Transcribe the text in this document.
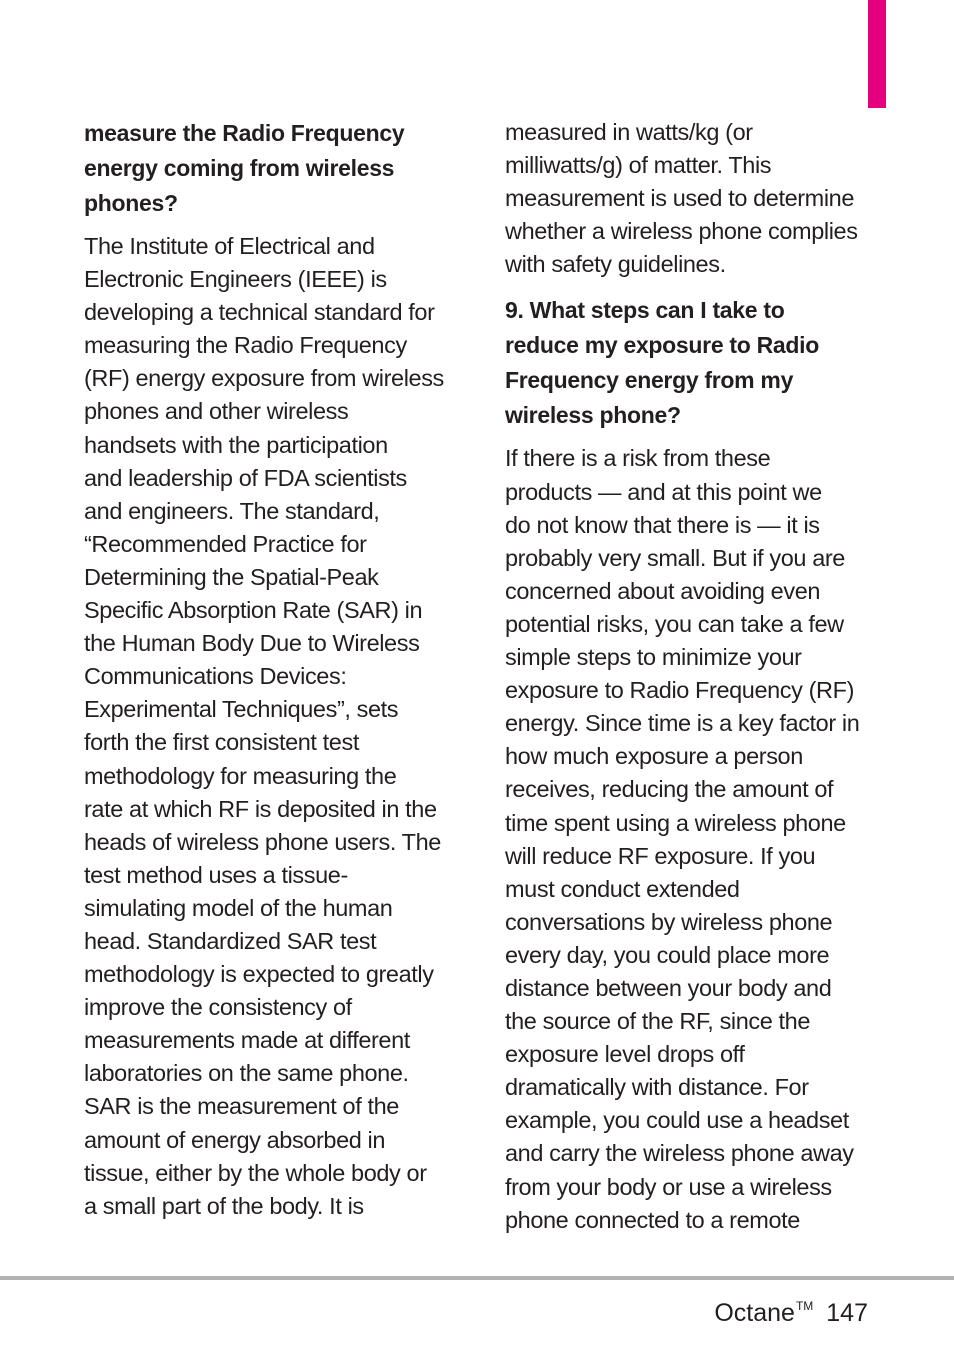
measure the Radio Frequency
energy coming from wireless
phones?

The Institute of Electrical and
Electronic Engineers (IEEE) is
developing a technical standard for
measuring the Radio Frequency
(RF) energy exposure from wireless
phones and other wireless
handsets with the participation
and leadership of FDA scientists
and engineers. The standard,
“Recommended Practice for
Determining the Spatial-Peak
Specific Absorption Rate (SAR) in
the Human Body Due to Wireless
Communications Devices:
Experimental Techniques”, sets
forth the first consistent test
methodology for measuring the
rate at which RF is deposited in the
heads of wireless phone users. The
test method uses a tissue-
simulating model of the human
head. Standardized SAR test
methodology is expected to greatly
improve the consistency of
measurements made at different
laboratories on the same phone.
SAR is the measurement of the
amount of energy absorbed in
tissue, either by the whole body or
a small part of the body. It is

measured in watts/kg (or
milliwatts/g) of matter. This
measurement is used to determine
whether a wireless phone complies
with safety guidelines.

9. What steps can I take to
reduce my exposure to Radio
Frequency energy from my
wireless phone?

If there is a risk from these
products — and at this point we
do not know that there is — it is
probably very small. But if you are
concerned about avoiding even
potential risks, you can take a few
simple steps to minimize your
exposure to Radio Frequency (RF)
energy. Since time is a key factor in
how much exposure a person
receives, reducing the amount of
time spent using a wireless phone
will reduce RF exposure. If you
must conduct extended
conversations by wireless phone
every day, you could place more
distance between your body and
the source of the RF, since the
exposure level drops off
dramatically with distance. For
example, you could use a headset
and carry the wireless phone away
from your body or use a wireless
phone connected to a remote

Octane™ 147
